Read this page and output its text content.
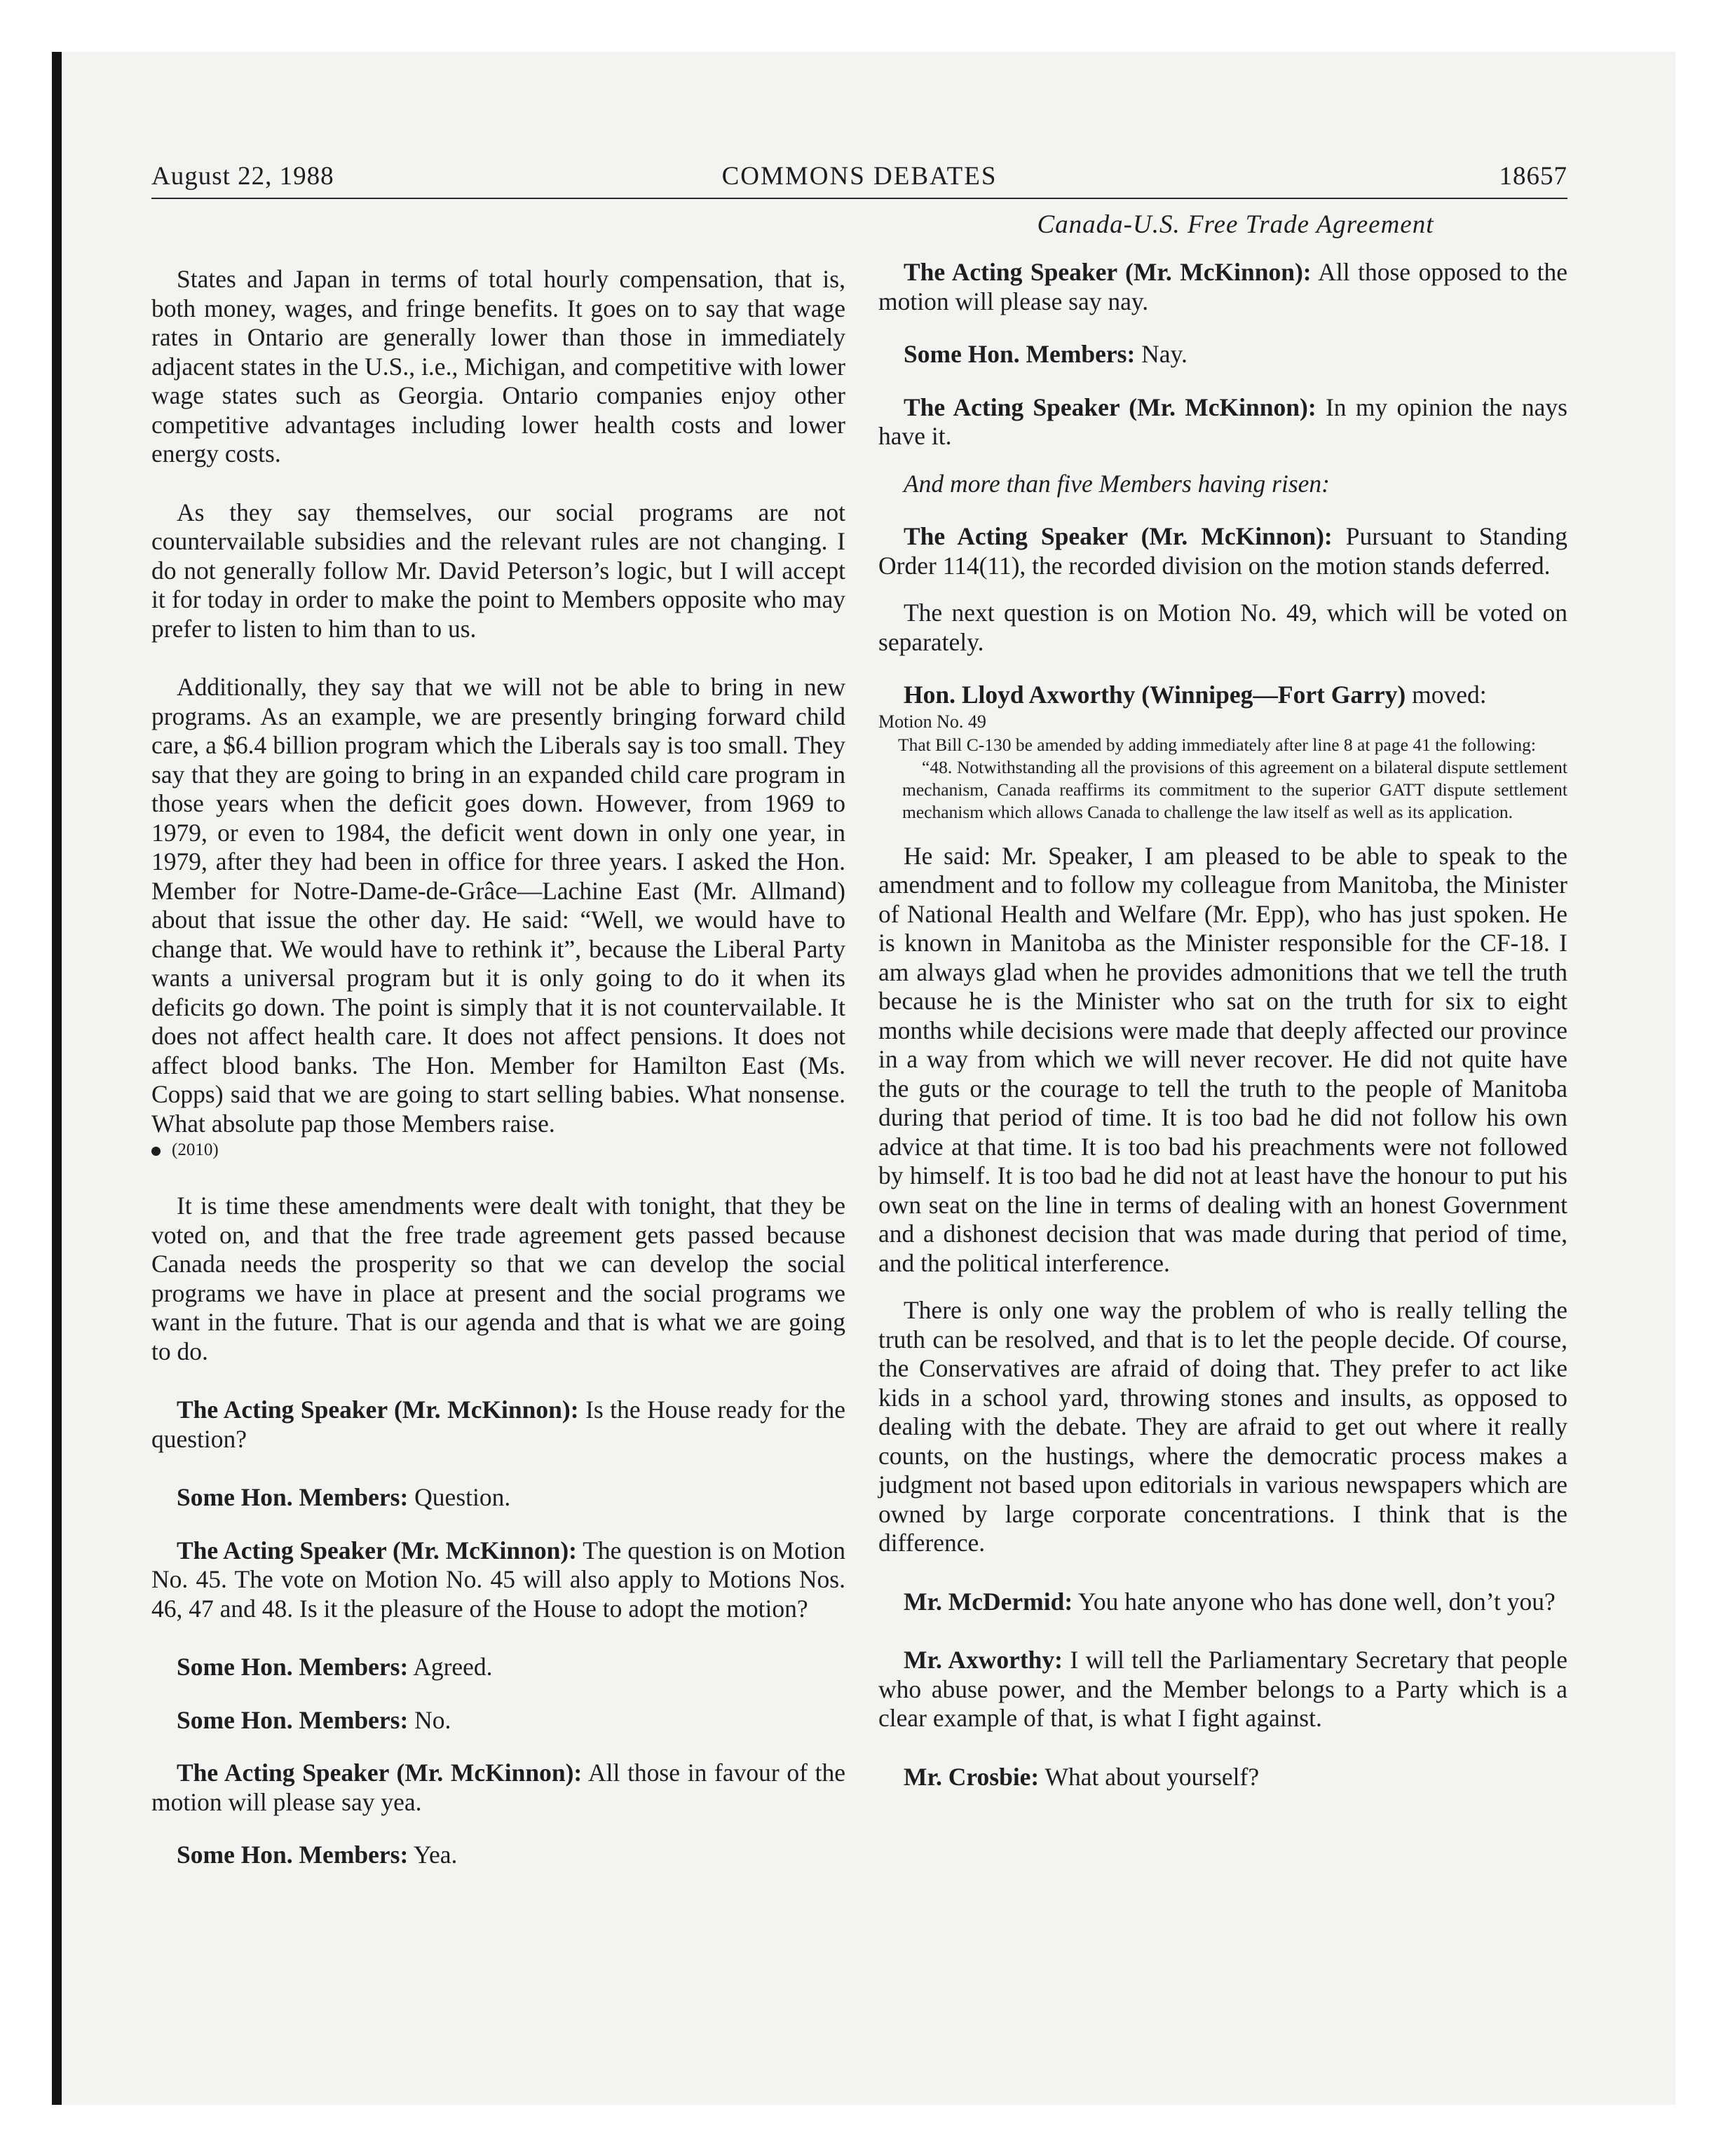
August 22, 1988	COMMONS DEBATES	18657

States and Japan in terms of total hourly compensation, that is, both money, wages, and fringe benefits. It goes on to say that wage rates in Ontario are generally lower than those in immediately adjacent states in the U.S., i.e., Michigan, and competitive with lower wage states such as Georgia. Ontario companies enjoy other competitive advantages including lower health costs and lower energy costs.

As they say themselves, our social programs are not countervailable subsidies and the relevant rules are not changing. I do not generally follow Mr. David Peterson’s logic, but I will accept it for today in order to make the point to Members opposite who may prefer to listen to him than to us.

Additionally, they say that we will not be able to bring in new programs. As an example, we are presently bringing forward child care, a $6.4 billion program which the Liberals say is too small. They say that they are going to bring in an expanded child care program in those years when the deficit goes down. However, from 1969 to 1979, or even to 1984, the deficit went down in only one year, in 1979, after they had been in office for three years. I asked the Hon. Member for Notre-Dame-de-Grâce—Lachine East (Mr. Allmand) about that issue the other day. He said: “Well, we would have to change that. We would have to rethink it”, because the Liberal Party wants a universal program but it is only going to do it when its deficits go down. The point is simply that it is not countervailable. It does not affect health care. It does not affect pensions. It does not affect blood banks. The Hon. Member for Hamilton East (Ms. Copps) said that we are going to start selling babies. What nonsense. What absolute pap those Members raise.

(2010)

It is time these amendments were dealt with tonight, that they be voted on, and that the free trade agreement gets passed because Canada needs the prosperity so that we can develop the social programs we have in place at present and the social programs we want in the future. That is our agenda and that is what we are going to do.

The Acting Speaker (Mr. McKinnon): Is the House ready for the question?

Some Hon. Members: Question.

The Acting Speaker (Mr. McKinnon): The question is on Motion No. 45. The vote on Motion No. 45 will also apply to Motions Nos. 46, 47 and 48. Is it the pleasure of the House to adopt the motion?

Some Hon. Members: Agreed.

Some Hon. Members: No.

The Acting Speaker (Mr. McKinnon): All those in favour of the motion will please say yea.

Some Hon. Members: Yea.

Canada-U.S. Free Trade Agreement

The Acting Speaker (Mr. McKinnon): All those opposed to the motion will please say nay.

Some Hon. Members: Nay.

The Acting Speaker (Mr. McKinnon): In my opinion the nays have it.

And more than five Members having risen:

The Acting Speaker (Mr. McKinnon): Pursuant to Standing Order 114(11), the recorded division on the motion stands deferred.

The next question is on Motion No. 49, which will be voted on separately.

Hon. Lloyd Axworthy (Winnipeg—Fort Garry) moved:

Motion No. 49

That Bill C-130 be amended by adding immediately after line 8 at page 41 the following:

“48. Notwithstanding all the provisions of this agreement on a bilateral dispute settlement mechanism, Canada reaffirms its commitment to the superior GATT dispute settlement mechanism which allows Canada to challenge the law itself as well as its application.

He said: Mr. Speaker, I am pleased to be able to speak to the amendment and to follow my colleague from Manitoba, the Minister of National Health and Welfare (Mr. Epp), who has just spoken. He is known in Manitoba as the Minister responsible for the CF-18. I am always glad when he provides admonitions that we tell the truth because he is the Minister who sat on the truth for six to eight months while decisions were made that deeply affected our province in a way from which we will never recover. He did not quite have the guts or the courage to tell the truth to the people of Manitoba during that period of time. It is too bad he did not follow his own advice at that time. It is too bad his preachments were not followed by himself. It is too bad he did not at least have the honour to put his own seat on the line in terms of dealing with an honest Government and a dishonest decision that was made during that period of time, and the political interference.

There is only one way the problem of who is really telling the truth can be resolved, and that is to let the people decide. Of course, the Conservatives are afraid of doing that. They prefer to act like kids in a school yard, throwing stones and insults, as opposed to dealing with the debate. They are afraid to get out where it really counts, on the hustings, where the democratic process makes a judgment not based upon editorials in various newspapers which are owned by large corporate concentrations. I think that is the difference.

Mr. McDermid: You hate anyone who has done well, don’t you?

Mr. Axworthy: I will tell the Parliamentary Secretary that people who abuse power, and the Member belongs to a Party which is a clear example of that, is what I fight against.

Mr. Crosbie: What about yourself?
